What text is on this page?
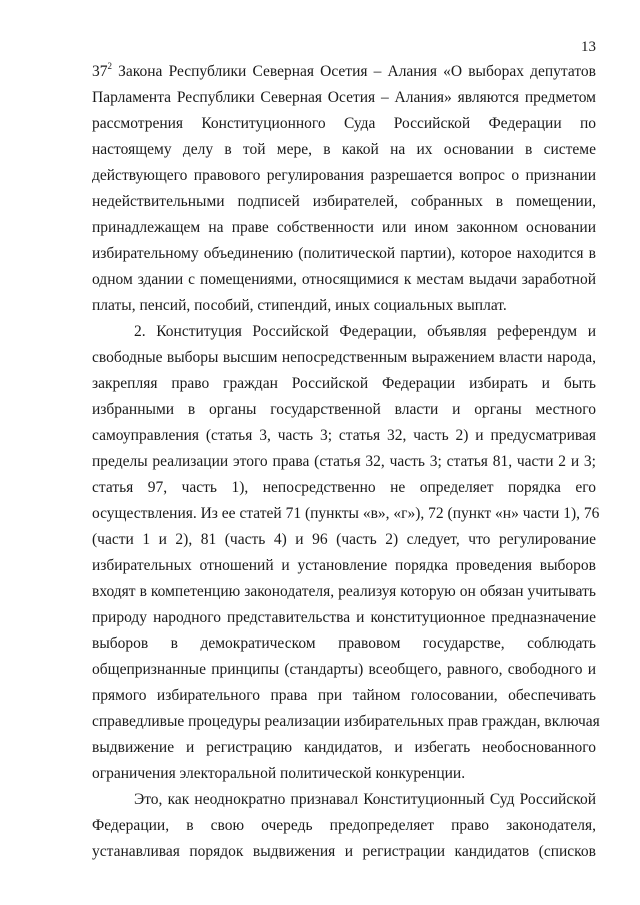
13
$37^2$ Закона Республики Северная Осетия – Алания «О выборах депутатов
Парламента Республики Северная Осетия – Алания» являются предметом
рассмотрения Конституционного Суда Российской Федерации по
настоящему делу в той мере, в какой на их основании в системе
действующего правового регулирования разрешается вопрос о признании
недействительными подписей избирателей, собранных в помещении,
принадлежащем на праве собственности или ином законном основании
избирательному объединению (политической партии), которое находится в
одном здании с помещениями, относящимися к местам выдачи заработной
платы, пенсий, пособий, стипендий, иных социальных выплат.
2. Конституция Российской Федерации, объявляя референдум и
свободные выборы высшим непосредственным выражением власти народа,
закрепляя право граждан Российской Федерации избирать и быть
избранными в органы государственной власти и органы местного
самоуправления (статья 3, часть 3; статья 32, часть 2) и предусматривая
пределы реализации этого права (статья 32, часть 3; статья 81, части 2 и 3;
статья 97, часть 1), непосредственно не определяет порядка его
осуществления. Из ее статей 71 (пункты «в», «г»), 72 (пункт «н» части 1), 76
(части 1 и 2), 81 (часть 4) и 96 (часть 2) следует, что регулирование
избирательных отношений и установление порядка проведения выборов
входят в компетенцию законодателя, реализуя которую он обязан учитывать
природу народного представительства и конституционное предназначение
выборов в демократическом правовом государстве, соблюдать
общепризнанные принципы (стандарты) всеобщего, равного, свободного и
прямого избирательного права при тайном голосовании, обеспечивать
справедливые процедуры реализации избирательных прав граждан, включая
выдвижение и регистрацию кандидатов, и избегать необоснованного
ограничения электоральной политической конкуренции.
Это, как неоднократно признавал Конституционный Суд Российской
Федерации, в свою очередь предопределяет право законодателя,
устанавливая порядок выдвижения и регистрации кандидатов (списков
